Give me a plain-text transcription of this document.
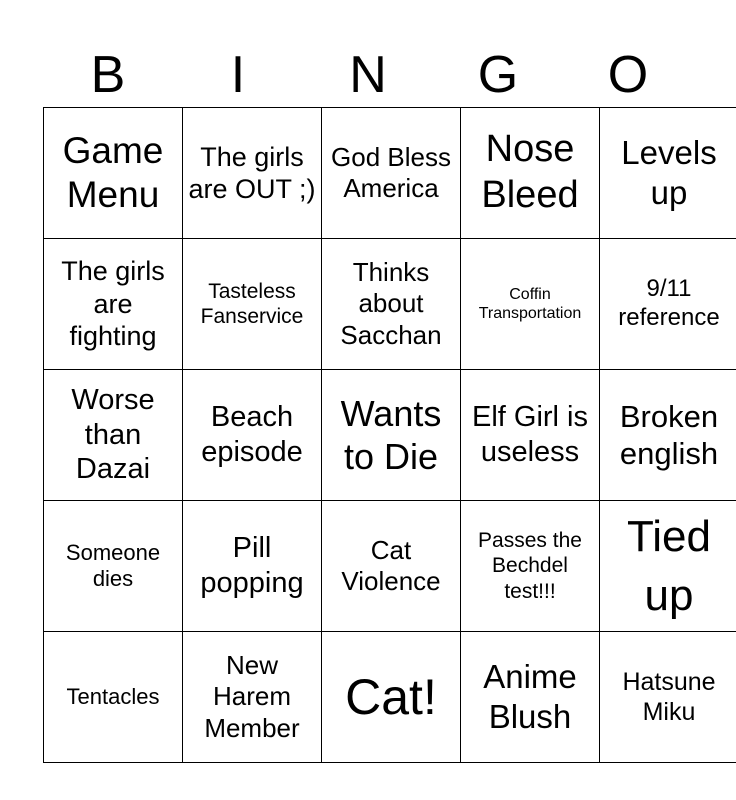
B	I	N	G	O
Game Menu	The girls are OUT ;)	God Bless America	Nose Bleed	Levels up
The girls are fighting	Tasteless Fanservice	Thinks about Sacchan	Coffin Transportation	9/11 reference
Worse than Dazai	Beach episode	Wants to Die	Elf Girl is useless	Broken english
Someone dies	Pill popping	Cat Violence	Passes the Bechdel test!!!	Tied up
Tentacles	New Harem Member	Cat!	Anime Blush	Hatsune Miku
